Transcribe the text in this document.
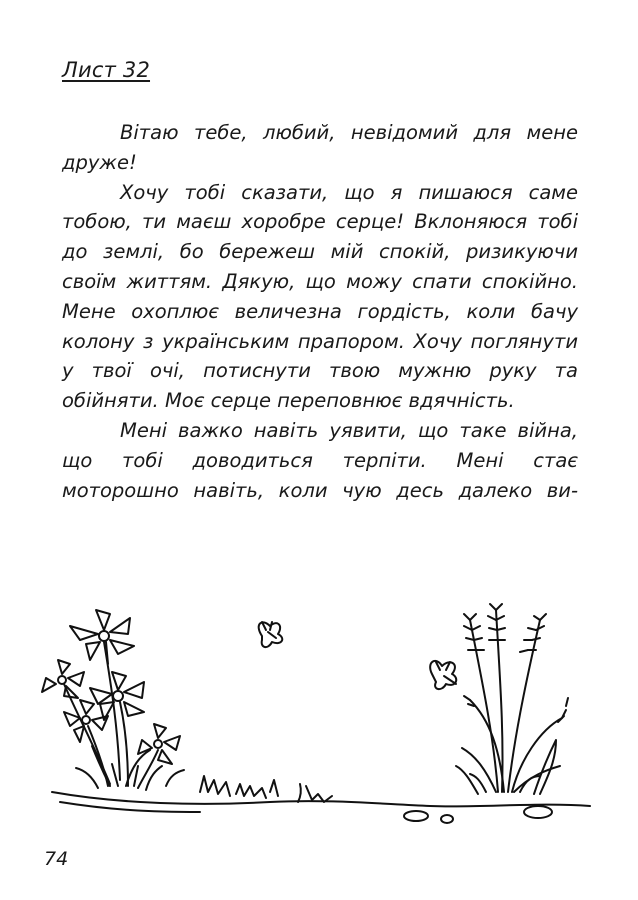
Лист 32

Вітаю тебе, любий, невідомий для мене друже!

Хочу тобі сказати, що я пишаюся саме тобою, ти маєш хоробре серце! Вклоняюся тобі до землі, бо бережеш мій спокій, ризикуючи своїм життям. Дякую, що можу спати спокійно. Мене охоплює величезна гордість, коли бачу колону з українським прапором. Хочу поглянути у твої очі, потиснути твою мужню руку та обійняти. Моє серце переповнює вдячність.

Мені важко навіть уявити, що таке війна, що тобі доводиться терпіти. Мені стає моторошно навіть, коли чую десь далеко ви-

74
